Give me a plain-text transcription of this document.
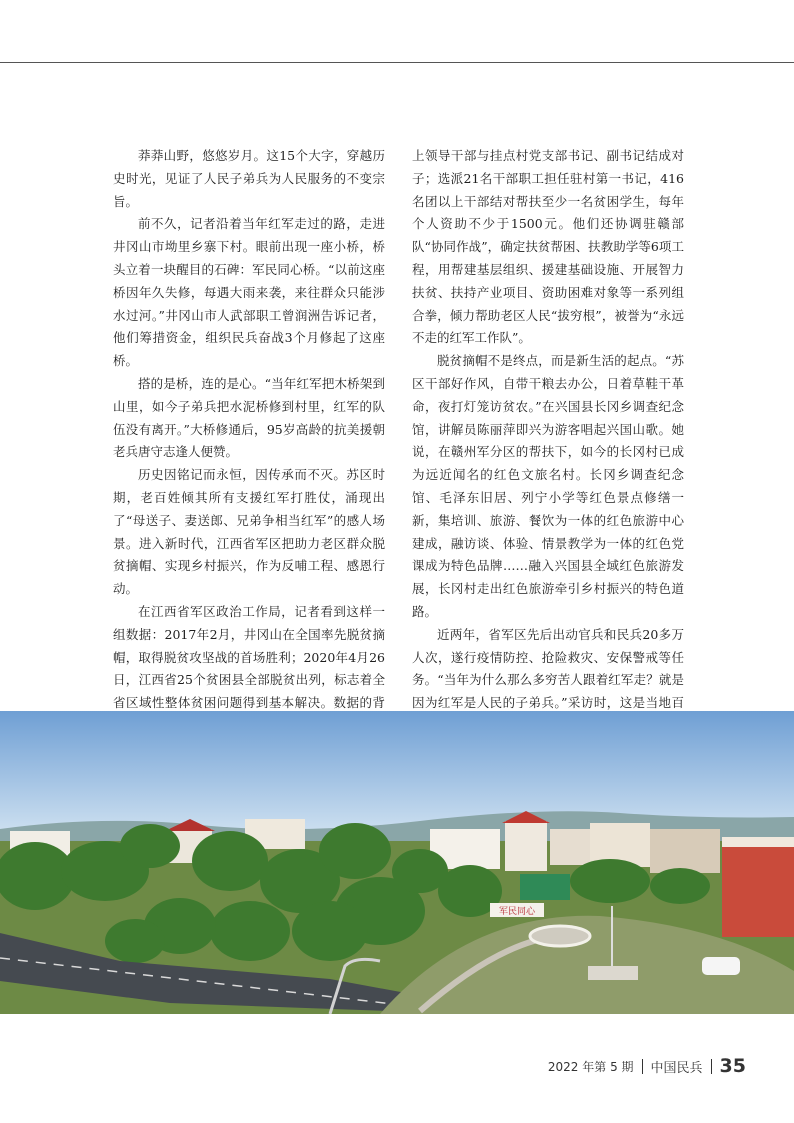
莽莽山野，悠悠岁月。这15个大字，穿越历史时光，见证了人民子弟兵为人民服务的不变宗旨。

前不久，记者沿着当年红军走过的路，走进井冈山市坳里乡寨下村。眼前出现一座小桥，桥头立着一块醒目的石碑：军民同心桥。“以前这座桥因年久失修，每遇大雨来袭，来往群众只能涉水过河。”井冈山市人武部职工曾润洲告诉记者，他们筹措资金，组织民兵奋战3个月修起了这座桥。

搭的是桥，连的是心。“当年红军把木桥架到山里，如今子弟兵把水泥桥修到村里，红军的队伍没有离开。”大桥修通后，95岁高龄的抗美援朝老兵唐守志逢人便赞。

历史因铭记而永恒，因传承而不灭。苏区时期，老百姓倾其所有支援红军打胜仗，涌现出了“母送子、妻送郎、兄弟争相当红军”的感人场景。进入新时代，江西省军区把助力老区群众脱贫摘帽、实现乡村振兴，作为反哺工程、感恩行动。

在江西省军区政治工作局，记者看到这样一组数据：2017年2月，井冈山在全国率先脱贫摘帽，取得脱贫攻坚战的首场胜利；2020年4月26日，江西省25个贫困县全部脱贫出列，标志着全省区域性整体贫困问题得到基本解决。数据的背

上领导干部与挂点村党支部书记、副书记结成对子；选派21名干部职工担任驻村第一书记，416名团以上干部结对帮扶至少一名贫困学生，每年个人资助不少于1500元。他们还协调驻赣部队“协同作战”，确定扶贫帮困、扶教助学等6项工程，用帮建基层组织、援建基础设施、开展智力扶贫、扶持产业项目、资助困难对象等一系列组合拳，倾力帮助老区人民“拔穷根”，被誉为“永远不走的红军工作队”。

脱贫摘帽不是终点，而是新生活的起点。“苏区干部好作风，自带干粮去办公，日着草鞋干革命，夜打灯笼访贫农。”在兴国县长冈乡调查纪念馆，讲解员陈丽萍即兴为游客唱起兴国山歌。她说，在赣州军分区的帮扶下，如今的长冈村已成为远近闻名的红色文旅名村。长冈乡调查纪念馆、毛泽东旧居、列宁小学等红色景点修缮一新，集培训、旅游、餐饮为一体的红色旅游中心建成，融访谈、体验、情景教学为一体的红色党课成为特色品牌……融入兴国县全域红色旅游发展，长冈村走出红色旅游牵引乡村振兴的特色道路。

近两年，省军区先后出动官兵和民兵20多万人次，遂行疫情防控、抢险救灾、安保警戒等任务。“当年为什么那么多穷苦人跟着红军走？就是因为红军是人民的子弟兵。”采访时，这是当地百

军民同心
2022 年第 5 期 中国民兵 35
